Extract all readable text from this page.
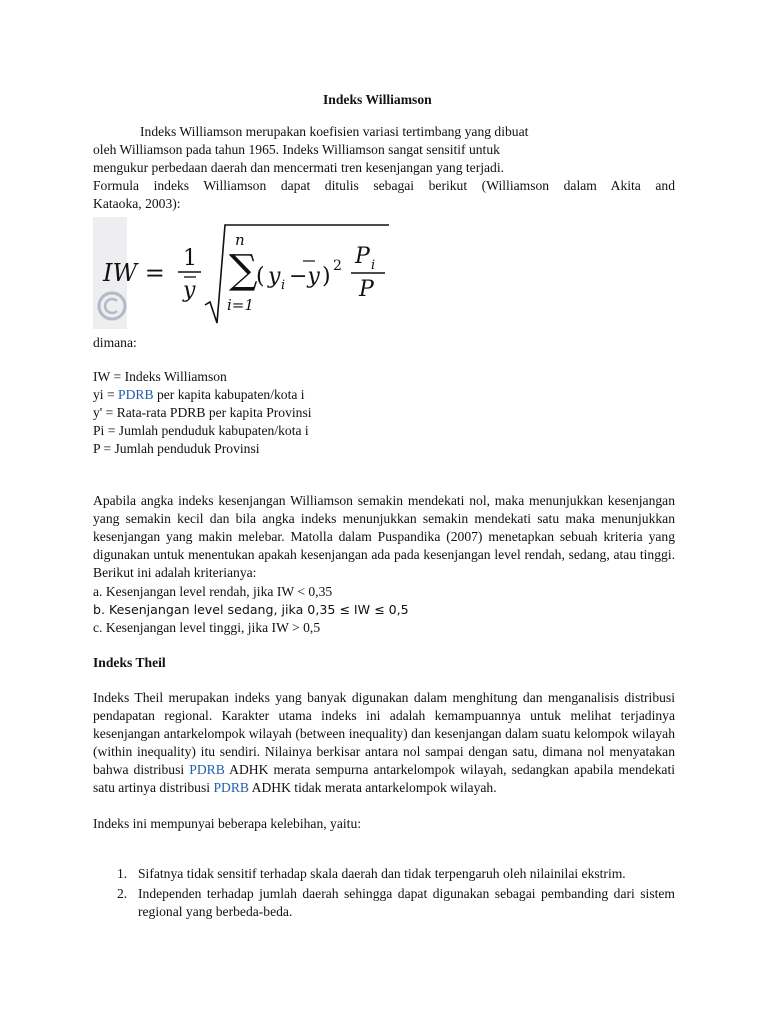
Indeks Williamson
Indeks Williamson merupakan koefisien variasi tertimbang yang dibuat
oleh Williamson pada tahun 1965. Indeks Williamson sangat sensitif untuk
mengukur perbedaan daerah dan mencermati tren kesenjangan yang terjadi.

Formula indeks Williamson dapat ditulis sebagai berikut (Williamson dalam Akita and

Kataoka, 2003):
IW =
1
y
n
∑
i=1
( y i −y ) 2 P i
P
dimana:
IW = Indeks Williamson
yi = PDRB per kapita kabupaten/kota i
y' = Rata-rata PDRB per kapita Provinsi
Pi = Jumlah penduduk kabupaten/kota i
P = Jumlah penduduk Provinsi

Apabila angka indeks kesenjangan Williamson semakin mendekati nol, maka menunjukkan kesenjangan yang semakin kecil dan bila angka indeks menunjukkan semakin mendekati satu maka menunjukkan kesenjangan yang makin melebar. Matolla dalam Puspandika (2007) menetapkan sebuah kriteria yang digunakan untuk menentukan apakah kesenjangan ada pada kesenjangan level rendah, sedang, atau tinggi. Berikut ini adalah kriterianya:

a. Kesenjangan level rendah, jika IW < 0,35
b. Kesenjangan level sedang, jika 0,35 ≤ IW ≤ 0,5
c. Kesenjangan level tinggi, jika IW > 0,5
Indeks Theil

Indeks Theil merupakan indeks yang banyak digunakan dalam menghitung dan menganalisis distribusi pendapatan regional. Karakter utama indeks ini adalah kemampuannya untuk melihat terjadinya kesenjangan antarkelompok wilayah (between inequality) dan kesenjangan dalam suatu kelompok wilayah (within inequality) itu sendiri. Nilainya berkisar antara nol sampai dengan satu, dimana nol menyatakan bahwa distribusi PDRB ADHK merata sempurna antarkelompok wilayah, sedangkan apabila mendekati satu artinya distribusi PDRB ADHK tidak merata antarkelompok wilayah.

Indeks ini mempunyai beberapa kelebihan, yaitu:
1. Sifatnya tidak sensitif terhadap skala daerah dan tidak terpengaruh oleh nilainilai ekstrim.
2. Independen terhadap jumlah daerah sehingga dapat digunakan sebagai pembanding dari sistem regional yang berbeda-beda.
